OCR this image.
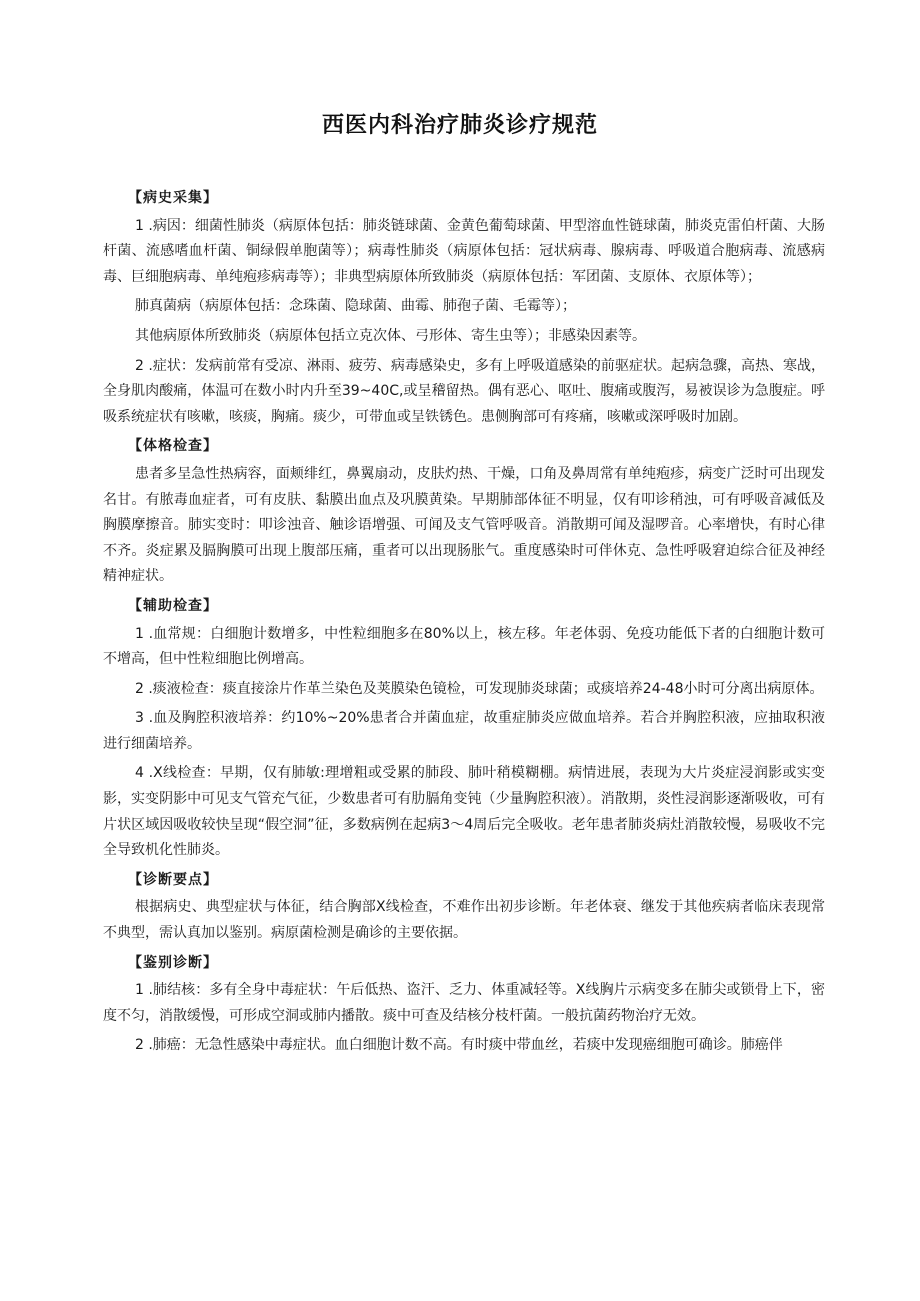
西医内科治疗肺炎诊疗规范
【病史采集】
1 .病因：细菌性肺炎（病原体包括：肺炎链球菌、金黄色葡萄球菌、甲型溶血性链球菌，肺炎克雷伯杆菌、大肠杆菌、流感嗜血杆菌、铜绿假单胞菌等）；病毒性肺炎（病原体包括：冠状病毒、腺病毒、呼吸道合胞病毒、流感病毒、巨细胞病毒、单纯疱疹病毒等）；非典型病原体所致肺炎（病原体包括：军团菌、支原体、衣原体等）；
肺真菌病（病原体包括：念珠菌、隐球菌、曲霉、肺孢子菌、毛霉等）；
其他病原体所致肺炎（病原体包括立克次体、弓形体、寄生虫等）；非感染因素等。
2 .症状：发病前常有受凉、淋雨、疲劳、病毒感染史，多有上呼吸道感染的前驱症状。起病急骤，高热、寒战，全身肌肉酸痛，体温可在数小时内升至39~40C,或呈稽留热。偶有恶心、呕吐、腹痛或腹泻，易被误诊为急腹症。呼吸系统症状有咳嗽，咳痰，胸痛。痰少，可带血或呈铁锈色。患侧胸部可有疼痛，咳嗽或深呼吸时加剧。
【体格检查】
患者多呈急性热病容，面颊绯红，鼻翼扇动，皮肤灼热、干燥，口角及鼻周常有单纯疱疹，病变广泛时可出现发名甘。有脓毒血症者，可有皮肤、黏膜出血点及巩膜黄染。早期肺部体征不明显，仅有叩诊稍浊，可有呼吸音减低及胸膜摩擦音。肺实变时：叩诊浊音、触诊语增强、可闻及支气管呼吸音。消散期可闻及湿啰音。心率增快，有时心律不齐。炎症累及膈胸膜可出现上腹部压痛，重者可以出现肠胀气。重度感染时可伴休克、急性呼吸窘迫综合征及神经精神症状。
【辅助检查】
1 .血常规：白细胞计数增多，中性粒细胞多在80%以上，核左移。年老体弱、免疫功能低下者的白细胞计数可不增高，但中性粒细胞比例增高。
2 .痰液检查：痰直接涂片作革兰染色及荚膜染色镜检，可发现肺炎球菌；或痰培养24-48小时可分离出病原体。
3 .血及胸腔积液培养：约10%~20%患者合并菌血症，故重症肺炎应做血培养。若合并胸腔积液，应抽取积液进行细菌培养。
4 .X线检查：早期，仅有肺敏:理增粗或受累的肺段、肺叶稍模糊棚。病情进展，表现为大片炎症浸润影或实变影，实变阴影中可见支气管充气征，少数患者可有肋膈角变钝（少量胸腔积液）。消散期，炎性浸润影逐渐吸收，可有片状区域因吸收较快呈现“假空洞”征，多数病例在起病3～4周后完全吸收。老年患者肺炎病灶消散较慢，易吸收不完全导致机化性肺炎。
【诊断要点】
根据病史、典型症状与体征，结合胸部X线检查，不难作出初步诊断。年老体衰、继发于其他疾病者临床表现常不典型，需认真加以鉴别。病原菌检测是确诊的主要依据。
【鉴别诊断】
1 .肺结核：多有全身中毒症状：午后低热、盗汗、乏力、体重减轻等。X线胸片示病变多在肺尖或锁骨上下，密度不匀，消散缓慢，可形成空洞或肺内播散。痰中可查及结核分枝杆菌。一般抗菌药物治疗无效。
2 .肺癌：无急性感染中毒症状。血白细胞计数不高。有时痰中带血丝，若痰中发现癌细胞可确诊。肺癌伴
